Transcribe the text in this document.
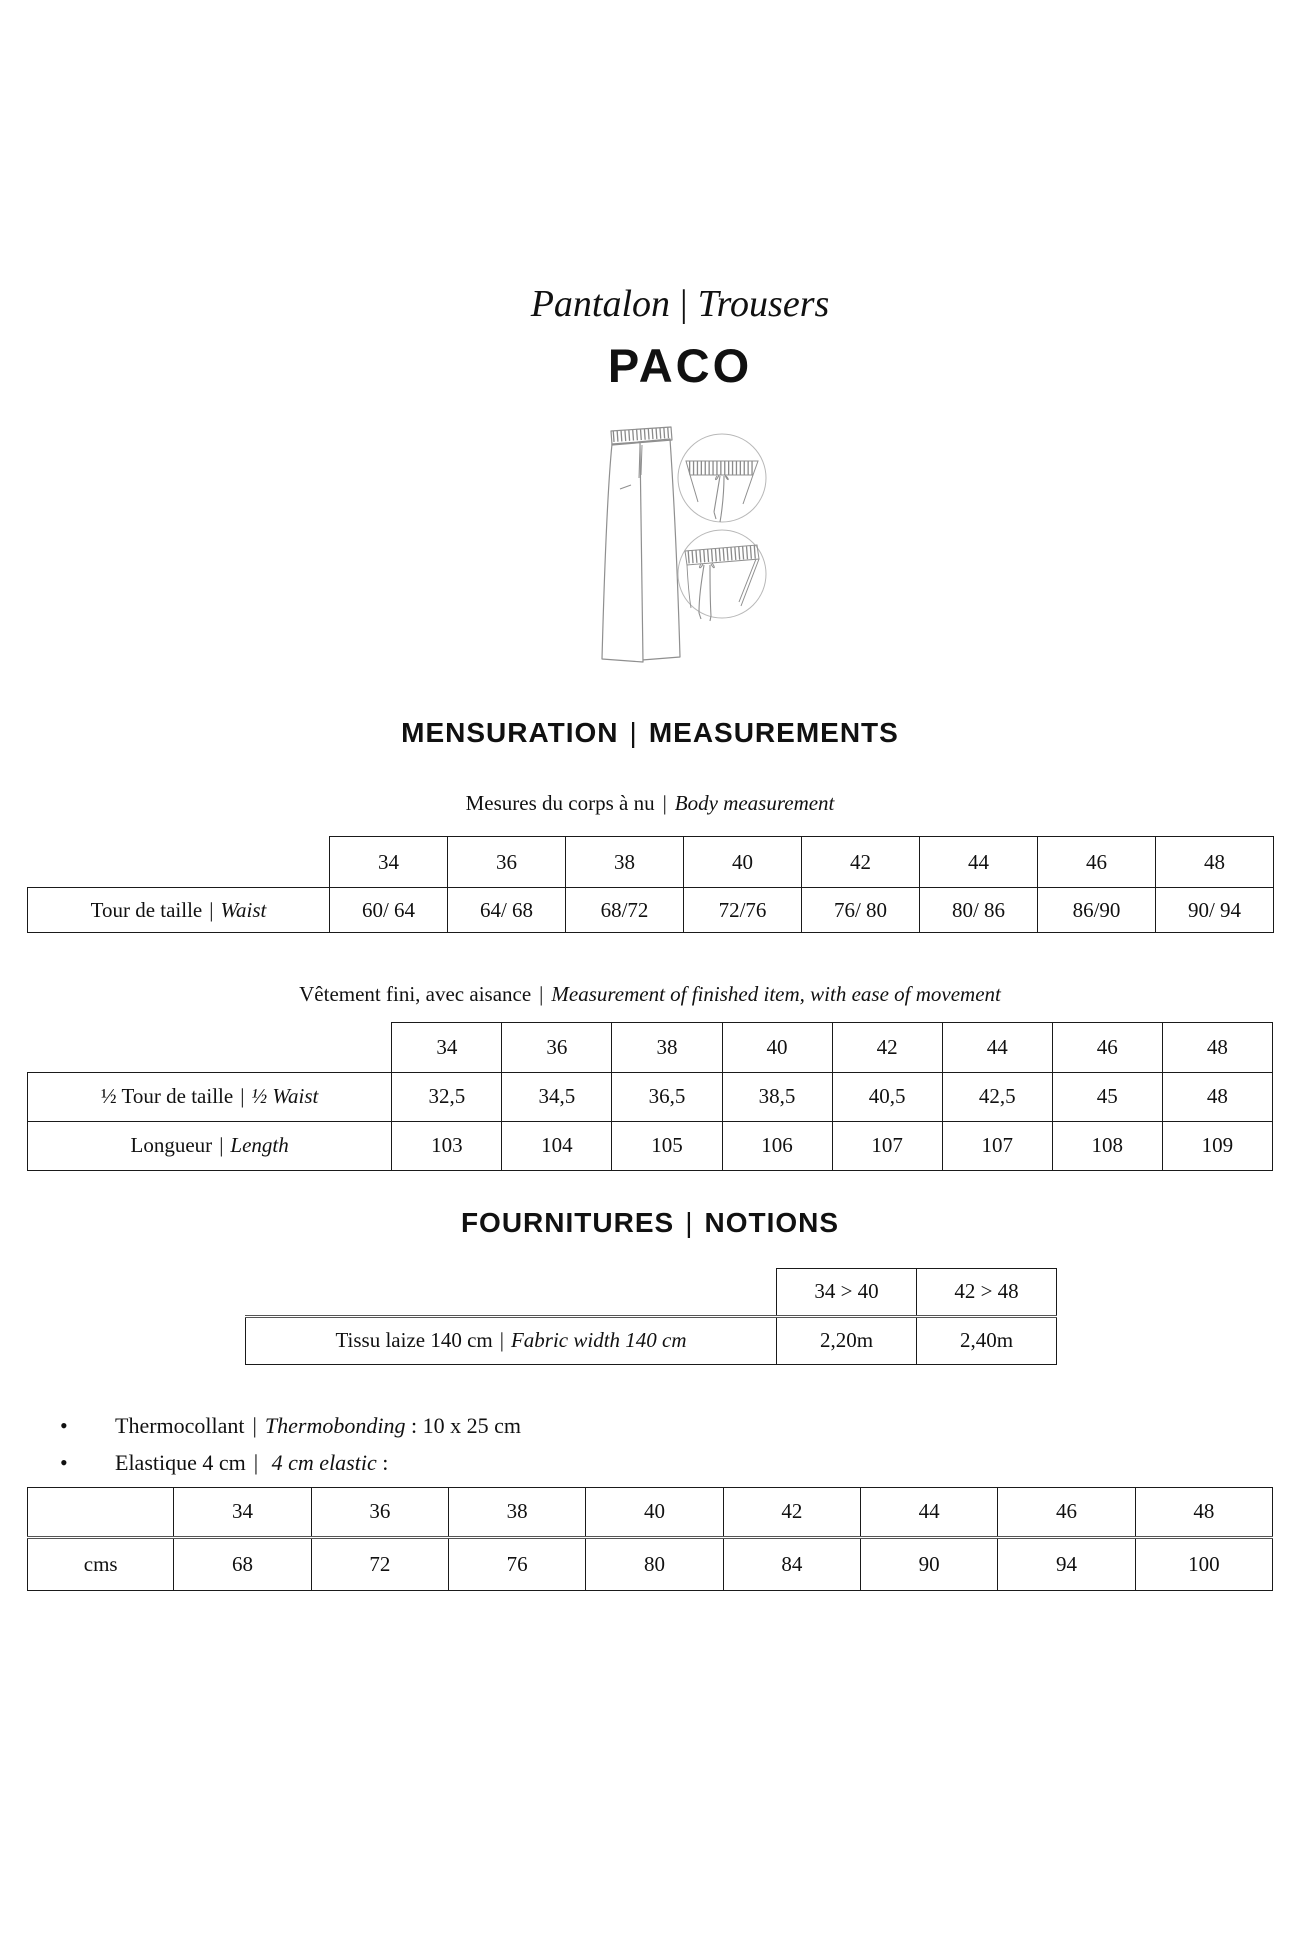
Pantalon | Trousers
PACO
MENSURATION | MEASUREMENTS
Mesures du corps à nu | Body measurement
	34	36	38	40	42	44	46	48
Tour de taille | Waist	60/ 64	64/ 68	68/72	72/76	76/ 80	80/ 86	86/90	90/ 94
Vêtement fini, avec aisance | Measurement of finished item, with ease of movement
	34	36	38	40	42	44	46	48
½ Tour de taille | ½ Waist	32,5	34,5	36,5	38,5	40,5	42,5	45	48
Longueur | Length	103	104	105	106	107	107	108	109
FOURNITURES | NOTIONS
	34 > 40	42 > 48
Tissu laize 140 cm | Fabric width 140 cm	2,20m	2,40m
• Thermocollant | Thermobonding : 10 x 25 cm
• Elastique 4 cm | 4 cm elastic :
	34	36	38	40	42	44	46	48
cms	68	72	76	80	84	90	94	100
